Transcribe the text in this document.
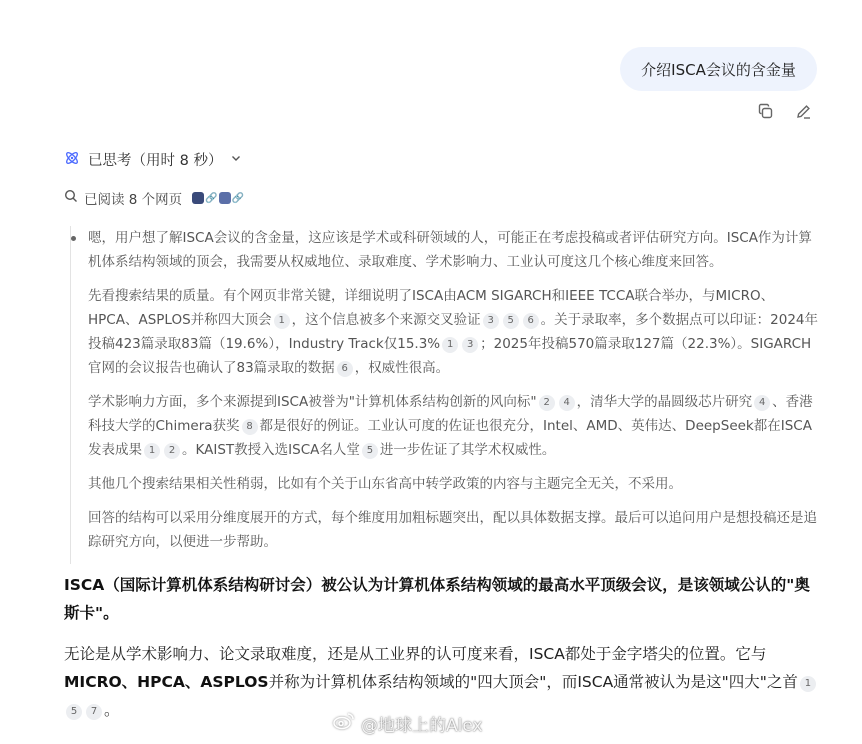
介绍ISCA会议的含金量
已思考（用时 8 秒）
已阅读 8 个网页 🔗 🔗

嗯，用户想了解ISCA会议的含金量，这应该是学术或科研领域的人，可能正在考虑投稿或者评估研究方向。ISCA作为计算机体系结构领域的顶会，我需要从权威地位、录取难度、学术影响力、工业认可度这几个核心维度来回答。

先看搜索结果的质量。有个网页非常关键，详细说明了ISCA由ACM SIGARCH和IEEE TCCA联合举办，与MICRO、HPCA、ASPLOS并称四大顶会 1 ，这个信息被多个来源交叉验证 3 5 6 。关于录取率，多个数据点可以印证：2024年投稿423篇录取83篇（19.6%），Industry Track仅15.3% 1 3 ；2025年投稿570篇录取127篇（22.3%）。SIGARCH官网的会议报告也确认了83篇录取的数据 6 ，权威性很高。

学术影响力方面，多个来源提到ISCA被誉为"计算机体系结构创新的风向标" 2 4 ，清华大学的晶圆级芯片研究 4 、香港科技大学的Chimera获奖 8 都是很好的例证。工业认可度的佐证也很充分，Intel、AMD、英伟达、DeepSeek都在ISCA发表成果 1 2 。KAIST教授入选ISCA名人堂 5 进一步佐证了其学术权威性。

其他几个搜索结果相关性稍弱，比如有个关于山东省高中转学政策的内容与主题完全无关，不采用。

回答的结构可以采用分维度展开的方式，每个维度用加粗标题突出，配以具体数据支撑。最后可以追问用户是想投稿还是追踪研究方向，以便进一步帮助。

ISCA（国际计算机体系结构研讨会）被公认为计算机体系结构领域的最高水平顶级会议，是该领域公认的"奥斯卡"。

无论是从学术影响力、论文录取难度，还是从工业界的认可度来看，ISCA都处于金字塔尖的位置。它与MICRO、HPCA、ASPLOS并称为计算机体系结构领域的"四大顶会"，而ISCA通常被认为是这"四大"之首 15 7 。

@地球上的Alex
